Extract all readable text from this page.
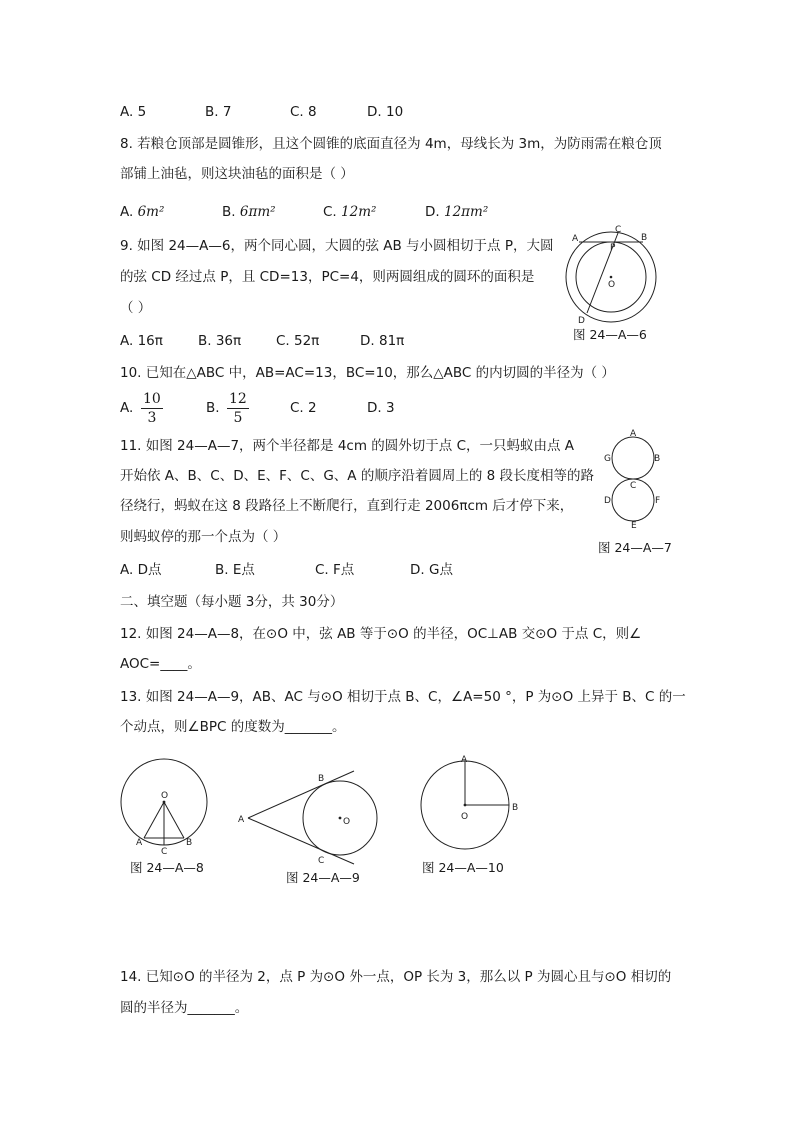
A. 5	B. 7	C. 8	D. 10
8. 若粮仓顶部是圆锥形，且这个圆锥的底面直径为 4m，母线长为 3m，为防雨需在粮仓顶
部铺上油毡，则这块油毡的面积是（ ）
A. 6m²	B. 6πm²	C. 12m²	D. 12πm²
9. 如图 24—A—6，两个同心圆，大圆的弦 AB 与小圆相切于点 P，大圆
的弦 CD 经过点 P，且 CD=13，PC=4，则两圆组成的圆环的面积是
（ ）
A. 16π	B. 36π	C. 52π	D. 81π
A
C
B
P
O
D
图 24—A—6
10. 已知在△ABC 中，AB=AC=13，BC=10，那么△ABC 的内切圆的半径为（ ）
A. $\frac{10}{3}$	B. $\frac{12}{5}$	C. 2	D. 3
11. 如图 24—A—7，两个半径都是 4cm 的圆外切于点 C，一只蚂蚁由点 A
开始依 A、B、C、D、E、F、C、G、A 的顺序沿着圆周上的 8 段长度相等的路
径绕行，蚂蚁在这 8 段路径上不断爬行，直到行走 2006πcm 后才停下来，
则蚂蚁停的那一个点为（ ）
A. D点	B. E点	C. F点	D. G点
A
G	B
C
D	F
E
图 24—A—7
二、填空题（每小题 3分，共 30分）
12. 如图 24—A—8，在⊙O 中，弦 AB 等于⊙O 的半径，OC⊥AB 交⊙O 于点 C，则∠
AOC=____。
13. 如图 24—A—9，AB、AC 与⊙O 相切于点 B、C，∠A=50 °，P 为⊙O 上异于 B、C 的一
个动点，则∠BPC 的度数为_______。
O
A
C
B
图 24—A—8
A
B
C
O
图 24—A—9
A
O
B
图 24—A—10
14. 已知⊙O 的半径为 2，点 P 为⊙O 外一点，OP 长为 3，那么以 P 为圆心且与⊙O 相切的
圆的半径为_______。
